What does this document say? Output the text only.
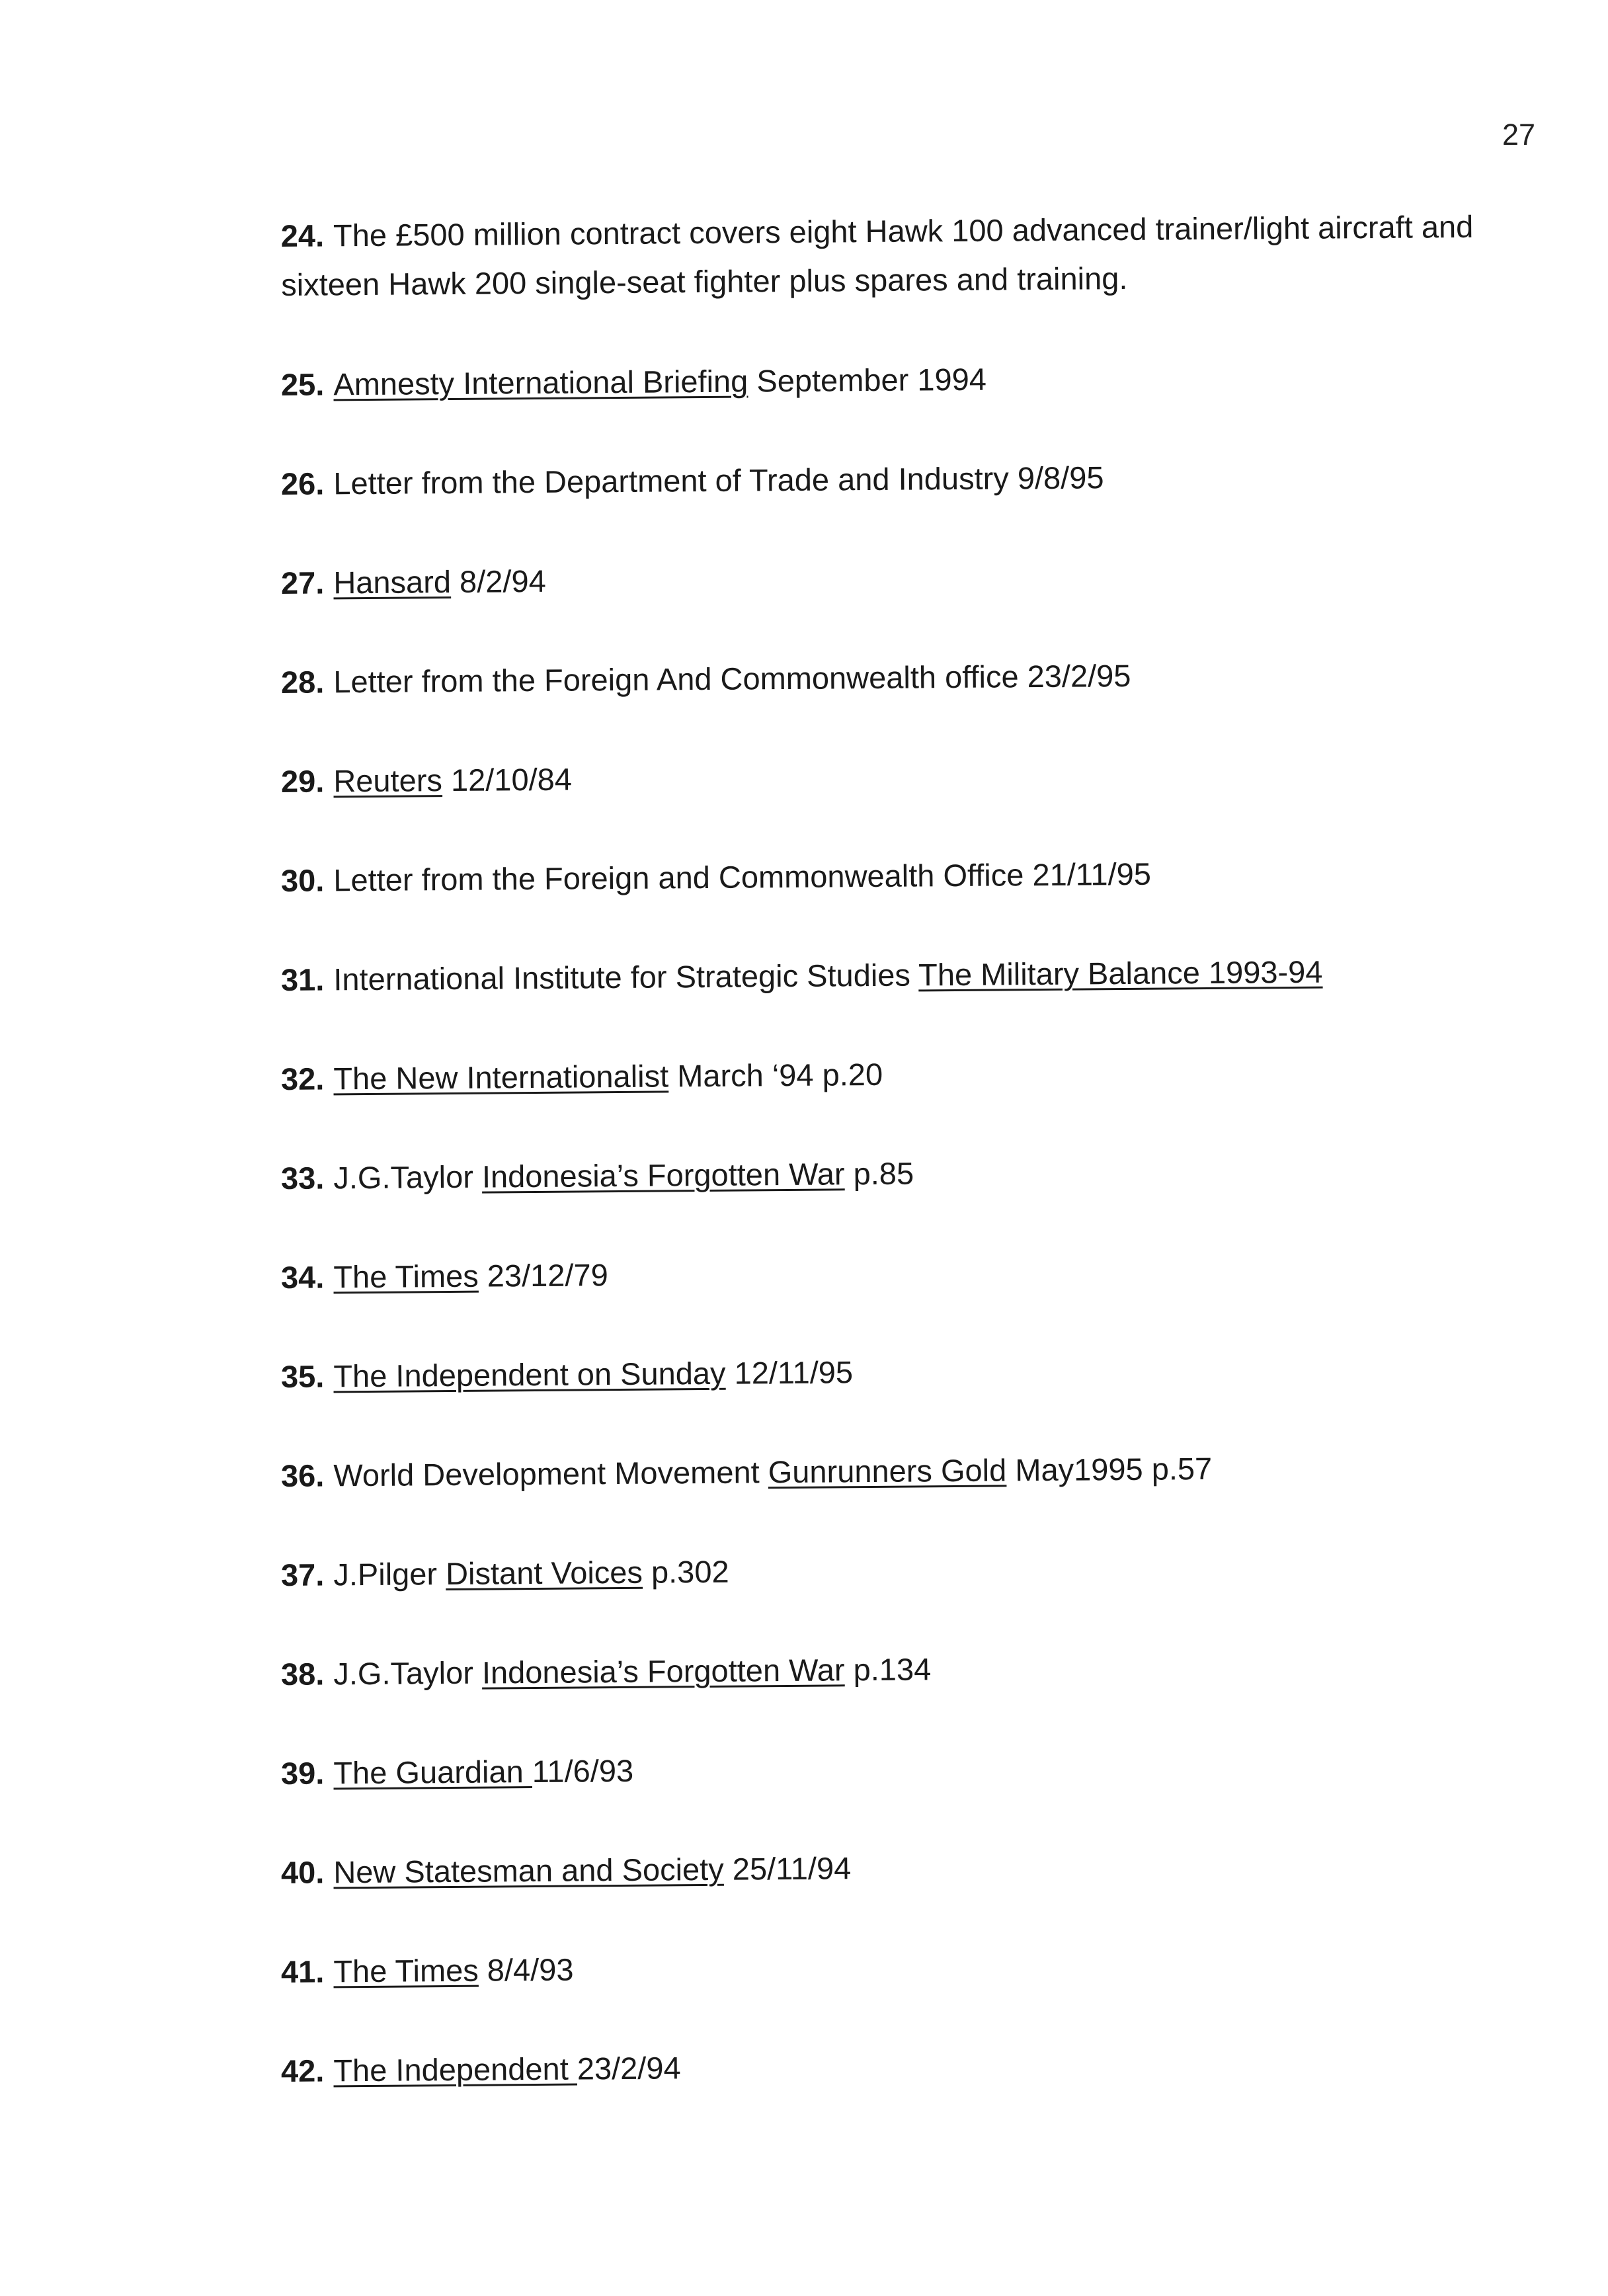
27

24. The £500 million contract covers eight Hawk 100 advanced trainer/light aircraft and sixteen Hawk 200 single-seat fighter plus spares and training.

25. Amnesty International Briefing September 1994

26. Letter from the Department of Trade and Industry 9/8/95

27. Hansard 8/2/94

28. Letter from the Foreign And Commonwealth office 23/2/95

29. Reuters 12/10/84

30. Letter from the Foreign and Commonwealth Office 21/11/95

31. International Institute for Strategic Studies The Military Balance 1993-94

32. The New Internationalist March ‘94 p.20

33. J.G.Taylor Indonesia’s Forgotten War p.85

34. The Times 23/12/79

35. The Independent on Sunday 12/11/95

36. World Development Movement Gunrunners Gold May1995 p.57

37. J.Pilger Distant Voices p.302

38. J.G.Taylor Indonesia’s Forgotten War p.134

39. The Guardian 11/6/93

40. New Statesman and Society 25/11/94

41. The Times 8/4/93

42. The Independent 23/2/94
